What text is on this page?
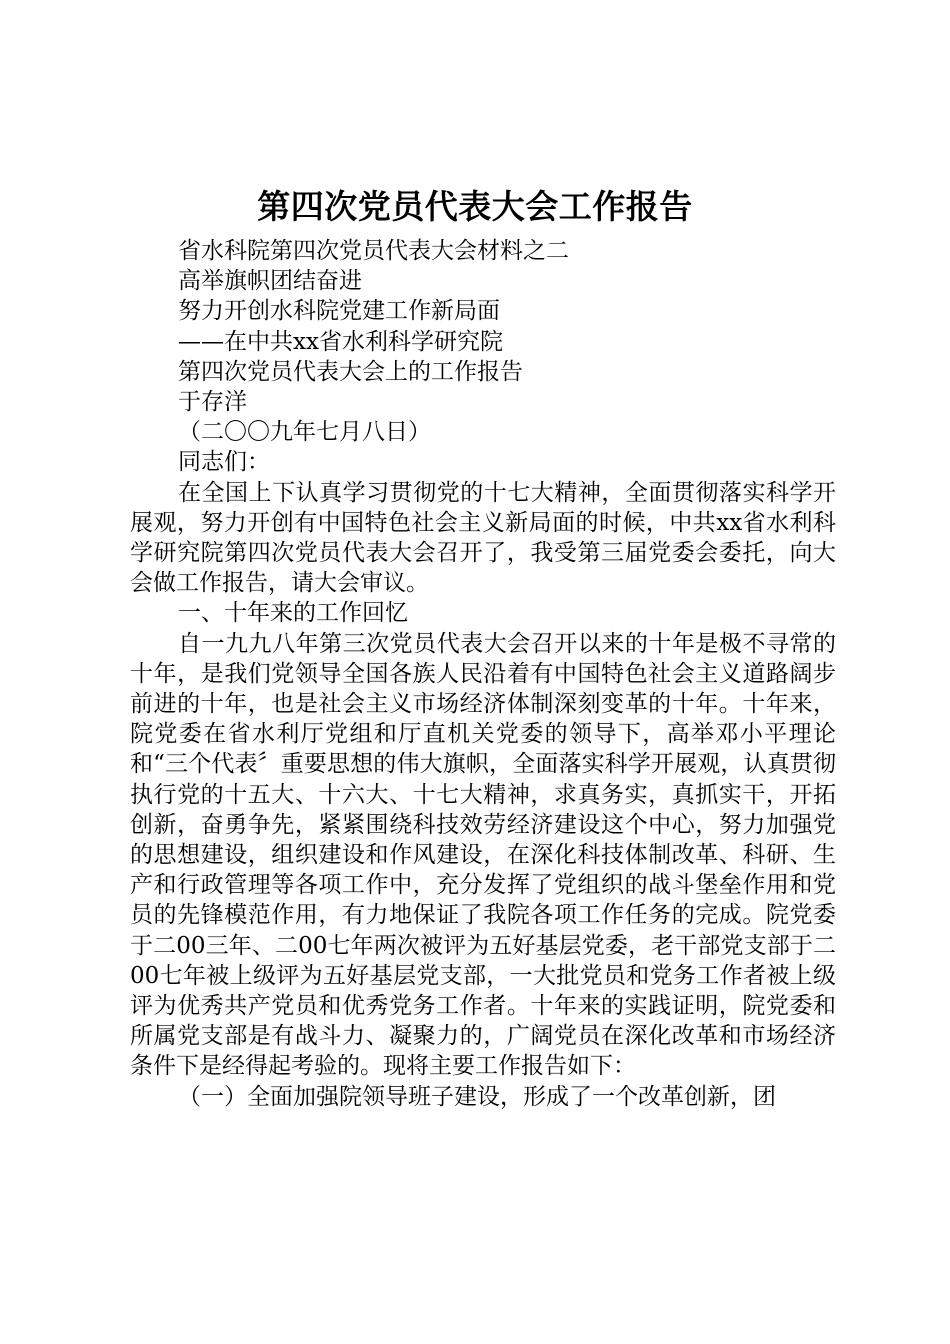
第四次党员代表大会工作报告

省水科院第四次党员代表大会材料之二

高举旗帜团结奋进

努力开创水科院党建工作新局面

——在中共xx省水利科学研究院

第四次党员代表大会上的工作报告

于存洋

（二〇〇九年七月八日）

同志们：

在全国上下认真学习贯彻党的十七大精神，全面贯彻落实科学开展观，努力开创有中国特色社会主义新局面的时候，中共xx省水利科学研究院第四次党员代表大会召开了，我受第三届党委会委托，向大会做工作报告，请大会审议。

一、十年来的工作回忆

自一九九八年第三次党员代表大会召开以来的十年是极不寻常的十年，是我们党领导全国各族人民沿着有中国特色社会主义道路阔步前进的十年，也是社会主义市场经济体制深刻变革的十年。十年来，院党委在省水利厅党组和厅直机关党委的领导下，高举邓小平理论和“三个代表〞重要思想的伟大旗帜，全面落实科学开展观，认真贯彻执行党的十五大、十六大、十七大精神，求真务实，真抓实干，开拓创新，奋勇争先，紧紧围绕科技效劳经济建设这个中心，努力加强党的思想建设，组织建设和作风建设，在深化科技体制改革、科研、生产和行政管理等各项工作中，充分发挥了党组织的战斗堡垒作用和党员的先锋模范作用，有力地保证了我院各项工作任务的完成。院党委于二00三年、二00七年两次被评为五好基层党委，老干部党支部于二00七年被上级评为五好基层党支部，一大批党员和党务工作者被上级评为优秀共产党员和优秀党务工作者。十年来的实践证明，院党委和所属党支部是有战斗力、凝聚力的，广阔党员在深化改革和市场经济条件下是经得起考验的。现将主要工作报告如下：

（一）全面加强院领导班子建设，形成了一个改革创新，团
